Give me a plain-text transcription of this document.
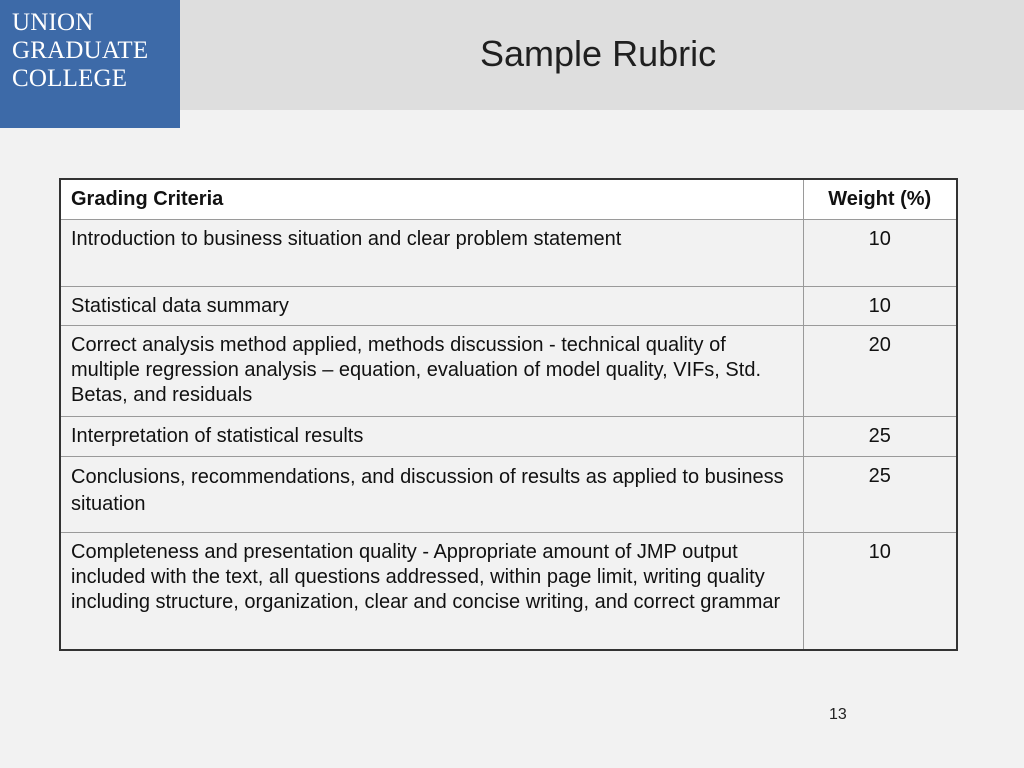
UNION
GRADUATE
COLLEGE
Sample Rubric
Grading Criteria	Weight (%)
Introduction to business situation and clear problem statement	10
Statistical data summary	10
Correct analysis method applied, methods discussion - technical quality of multiple regression analysis – equation, evaluation of model quality, VIFs, Std. Betas, and residuals	20
Interpretation of statistical results	25
Conclusions, recommendations, and discussion of results as applied to business situation	25
Completeness and presentation quality - Appropriate amount of JMP output included with the text, all questions addressed, within page limit, writing quality including structure, organization, clear and concise writing, and correct grammar	10
13
